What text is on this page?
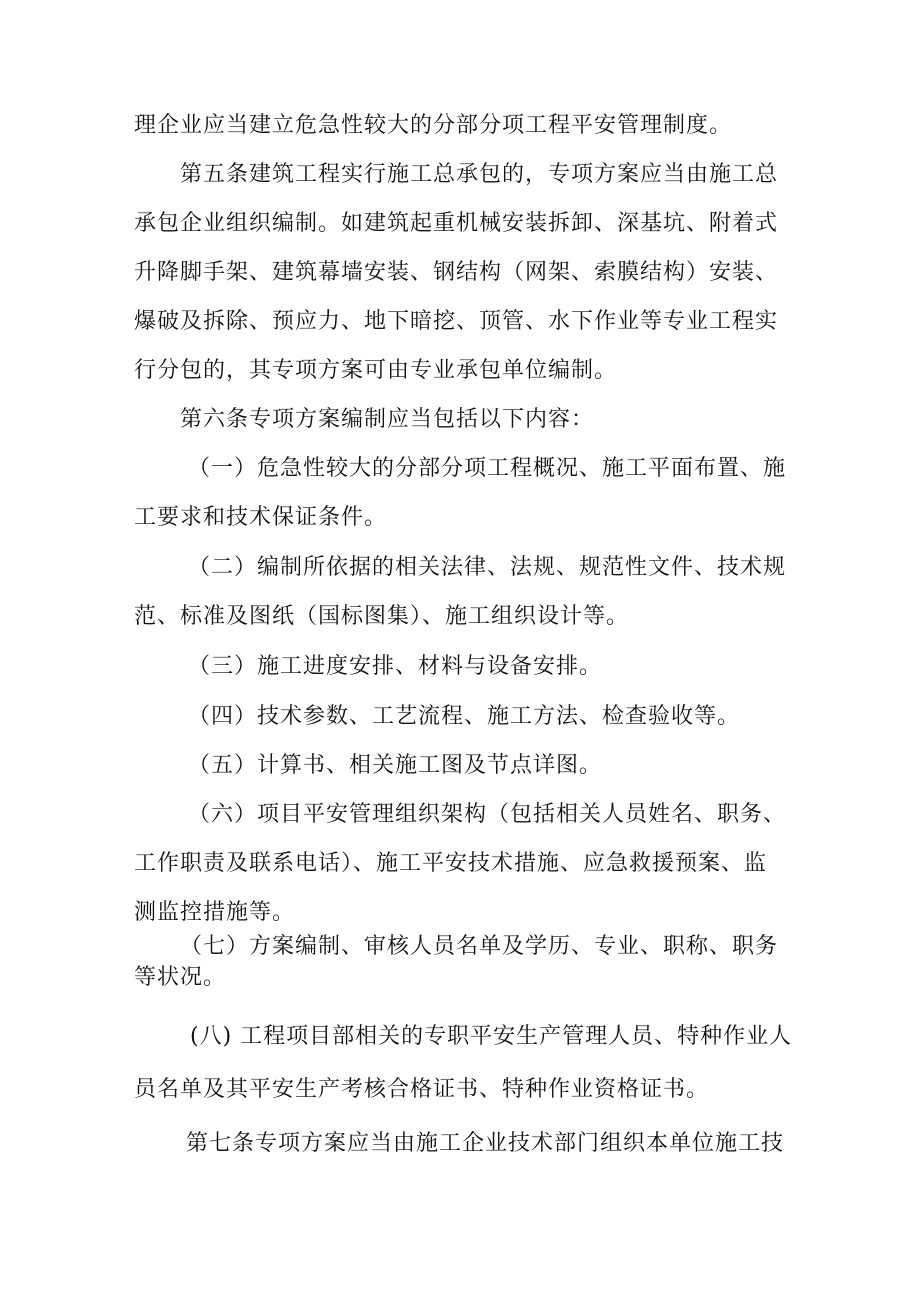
理企业应当建立危急性较大的分部分项工程平安管理制度。
第五条建筑工程实行施工总承包的，专项方案应当由施工总
承包企业组织编制。如建筑起重机械安装拆卸、深基坑、附着式
升降脚手架、建筑幕墙安装、钢结构（网架、索膜结构）安装、
爆破及拆除、预应力、地下暗挖、顶管、水下作业等专业工程实
行分包的，其专项方案可由专业承包单位编制。
第六条专项方案编制应当包括以下内容：
（一）危急性较大的分部分项工程概况、施工平面布置、施
工要求和技术保证条件。
（二）编制所依据的相关法律、法规、规范性文件、技术规
范、标准及图纸（国标图集）、施工组织设计等。
（三）施工进度安排、材料与设备安排。
（四）技术参数、工艺流程、施工方法、检查验收等。
（五）计算书、相关施工图及节点详图。
（六）项目平安管理组织架构（包括相关人员姓名、职务、
工作职责及联系电话）、施工平安技术措施、应急救援预案、监
测监控措施等。
（七）方案编制、审核人员名单及学历、专业、职称、职务
等状况。
(八) 工程项目部相关的专职平安生产管理人员、特种作业人
员名单及其平安生产考核合格证书、特种作业资格证书。
第七条专项方案应当由施工企业技术部门组织本单位施工技
